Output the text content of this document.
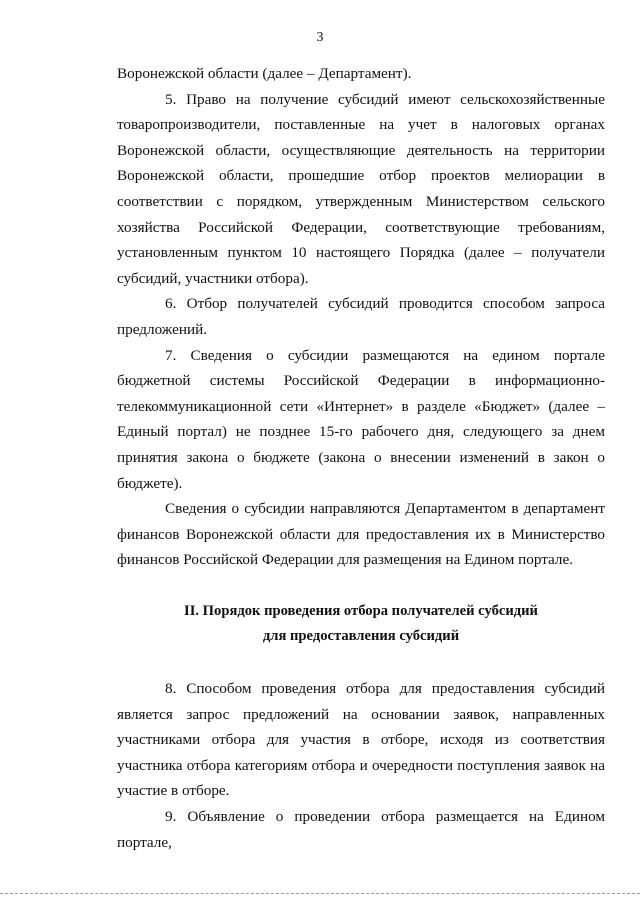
3

Воронежской области (далее – Департамент).

5. Право на получение субсидий имеют сельскохозяйственные товаропроизводители, поставленные на учет в налоговых органах Воронежской области, осуществляющие деятельность на территории Воронежской области, прошедшие отбор проектов мелиорации в соответствии с порядком, утвержденным Министерством сельского хозяйства Российской Федерации, соответствующие требованиям, установленным пунктом 10 настоящего Порядка (далее – получатели субсидий, участники отбора).

6. Отбор получателей субсидий проводится способом запроса предложений.

7. Сведения о субсидии размещаются на едином портале бюджетной системы Российской Федерации в информационно-телекоммуникационной сети «Интернет» в разделе «Бюджет» (далее – Единый портал) не позднее 15-го рабочего дня, следующего за днем принятия закона о бюджете (закона о внесении изменений в закон о бюджете).

Сведения о субсидии направляются Департаментом в департамент финансов Воронежской области для предоставления их в Министерство финансов Российской Федерации для размещения на Едином портале.

II. Порядок проведения отбора получателей субсидий

для предоставления субсидий

8. Способом проведения отбора для предоставления субсидий является запрос предложений на основании заявок, направленных участниками отбора для участия в отборе, исходя из соответствия участника отбора категориям отбора и очередности поступления заявок на участие в отборе.

9. Объявление о проведении отбора размещается на Едином портале,
